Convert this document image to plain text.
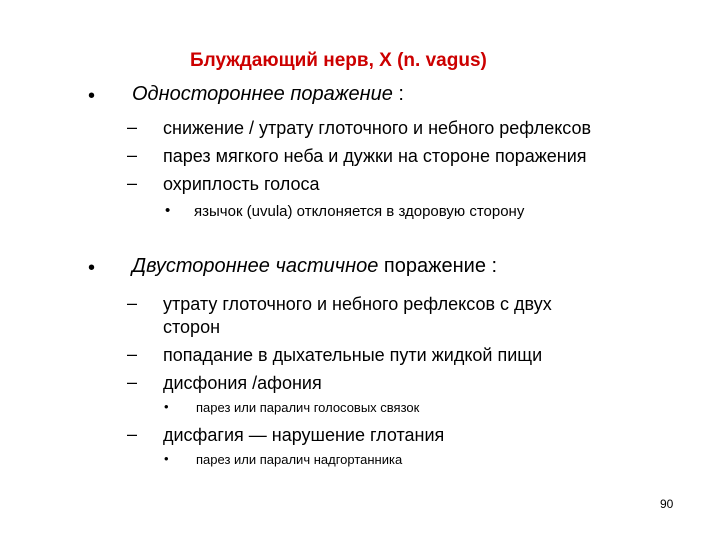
Блуждающий нерв, X (n. vagus)
• Одностороннее поражение :
– снижение / утрату глоточного и небного рефлексов
– парез мягкого неба и дужки на стороне поражения
– охриплость голоса
• язычок (uvula) отклоняется в здоровую сторону
• Двустороннее частичное поражение :
– утрату глоточного и небного рефлексов с двух
сторон
– попадание в дыхательные пути жидкой пищи
– дисфония /афония
• парез или паралич голосовых связок
– дисфагия — нарушение глотания
• парез или паралич надгортанника
90
